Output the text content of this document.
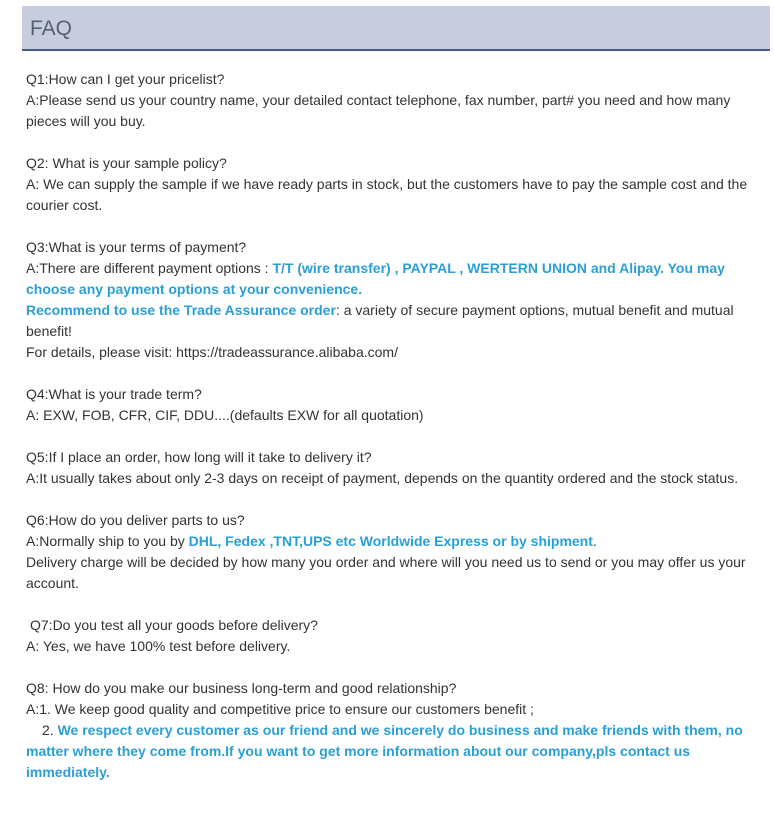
FAQ

Q1:How can I get your pricelist?

A:Please send us your country name, your detailed contact telephone, fax number, part# you need and how many pieces will you buy.

Q2: What is your sample policy?

A: We can supply the sample if we have ready parts in stock, but the customers have to pay the sample cost and the courier cost.

Q3:What is your terms of payment?

A:There are different payment options : T/T (wire transfer) , PAYPAL , WERTERN UNION and Alipay. You may choose any payment options at your convenience.

Recommend to use the Trade Assurance order: a variety of secure payment options, mutual benefit and mutual benefit!

For details, please visit: https://tradeassurance.alibaba.com/

Q4:What is your trade term?

A: EXW, FOB, CFR, CIF, DDU....(defaults EXW for all quotation)

Q5:If I place an order, how long will it take to delivery it?

A:It usually takes about only 2-3 days on receipt of payment, depends on the quantity ordered and the stock status.

Q6:How do you deliver parts to us?

A:Normally ship to you by DHL, Fedex ,TNT,UPS etc Worldwide Express or by shipment.

Delivery charge will be decided by how many you order and where will you need us to send or you may offer us your account.

Q7:Do you test all your goods before delivery?

A: Yes, we have 100% test before delivery.

Q8: How do you make our business long-term and good relationship?

A:1. We keep good quality and competitive price to ensure our customers benefit ;

2. We respect every customer as our friend and we sincerely do business and make friends with them, no matter where they come from.If you want to get more information about our company,pls contact us immediately.
